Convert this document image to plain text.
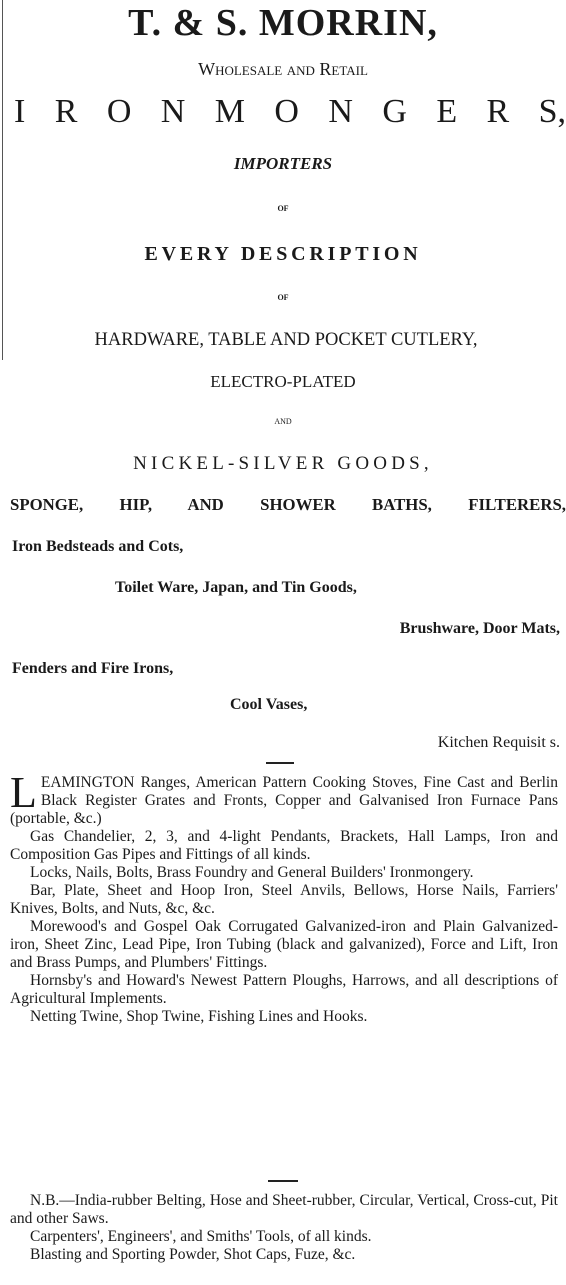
T. & S. MORRIN,
Wholesale and Retail
I R O N M O N G E R S,
IMPORTERS
of
EVERY DESCRIPTION
of
HARDWARE, TABLE AND POCKET CUTLERY,
ELECTRO-PLATED
and
NICKEL-SILVER GOODS,
SPONGE, HIP, AND SHOWER BATHS, FILTERERS,
Iron Bedsteads and Cots,
Toilet Ware, Japan, and Tin Goods,
Brushware, Door Mats,
Fenders and Fire Irons,
Cool Vases,
Kitchen Requisit s.

LEAMINGTON Ranges, American Pattern Cooking Stoves, Fine Cast and Berlin Black Register Grates and Fronts, Copper and Galvanised Iron Furnace Pans (portable, &c.)

Gas Chandelier, 2, 3, and 4-light Pendants, Brackets, Hall Lamps, Iron and Composition Gas Pipes and Fittings of all kinds.

Locks, Nails, Bolts, Brass Foundry and General Builders' Ironmongery.

Bar, Plate, Sheet and Hoop Iron, Steel Anvils, Bellows, Horse Nails, Farriers' Knives, Bolts, and Nuts, &c, &c.

Morewood's and Gospel Oak Corrugated Galvanized-iron and Plain Galvanized-iron, Sheet Zinc, Lead Pipe, Iron Tubing (black and galvanized), Force and Lift, Iron and Brass Pumps, and Plumbers' Fittings.

Hornsby's and Howard's Newest Pattern Ploughs, Harrows, and all descriptions of Agricultural Implements.

Netting Twine, Shop Twine, Fishing Lines and Hooks.

N.B.—India-rubber Belting, Hose and Sheet-rubber, Circular, Vertical, Cross-cut, Pit and other Saws.

Carpenters', Engineers', and Smiths' Tools, of all kinds.

Blasting and Sporting Powder, Shot Caps, Fuze, &c.
